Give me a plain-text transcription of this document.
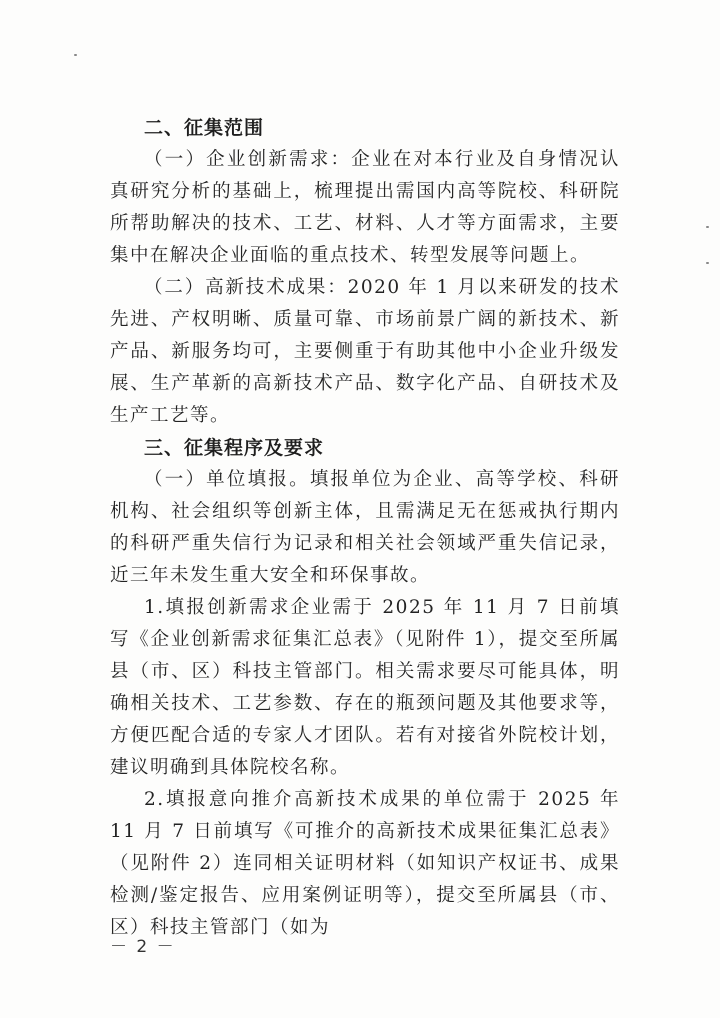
二、征集范围

（一）企业创新需求：企业在对本行业及自身情况认真研究分析的基础上，梳理提出需国内高等院校、科研院所帮助解决的技术、工艺、材料、人才等方面需求，主要集中在解决企业面临的重点技术、转型发展等问题上。

（二）高新技术成果：2020 年 1 月以来研发的技术先进、产权明晰、质量可靠、市场前景广阔的新技术、新产品、新服务均可，主要侧重于有助其他中小企业升级发展、生产革新的高新技术产品、数字化产品、自研技术及生产工艺等。

三、征集程序及要求

（一）单位填报。填报单位为企业、高等学校、科研机构、社会组织等创新主体，且需满足无在惩戒执行期内的科研严重失信行为记录和相关社会领域严重失信记录，近三年未发生重大安全和环保事故。

1.填报创新需求企业需于 2025 年 11 月 7 日前填写《企业创新需求征集汇总表》（见附件 1），提交至所属县（市、区）科技主管部门。相关需求要尽可能具体，明确相关技术、工艺参数、存在的瓶颈问题及其他要求等，方便匹配合适的专家人才团队。若有对接省外院校计划，建议明确到具体院校名称。

2.填报意向推介高新技术成果的单位需于 2025 年 11 月 7 日前填写《可推介的高新技术成果征集汇总表》（见附件 2）连同相关证明材料（如知识产权证书、成果检测/鉴定报告、应用案例证明等），提交至所属县（市、区）科技主管部门（如为

－ 2 －
